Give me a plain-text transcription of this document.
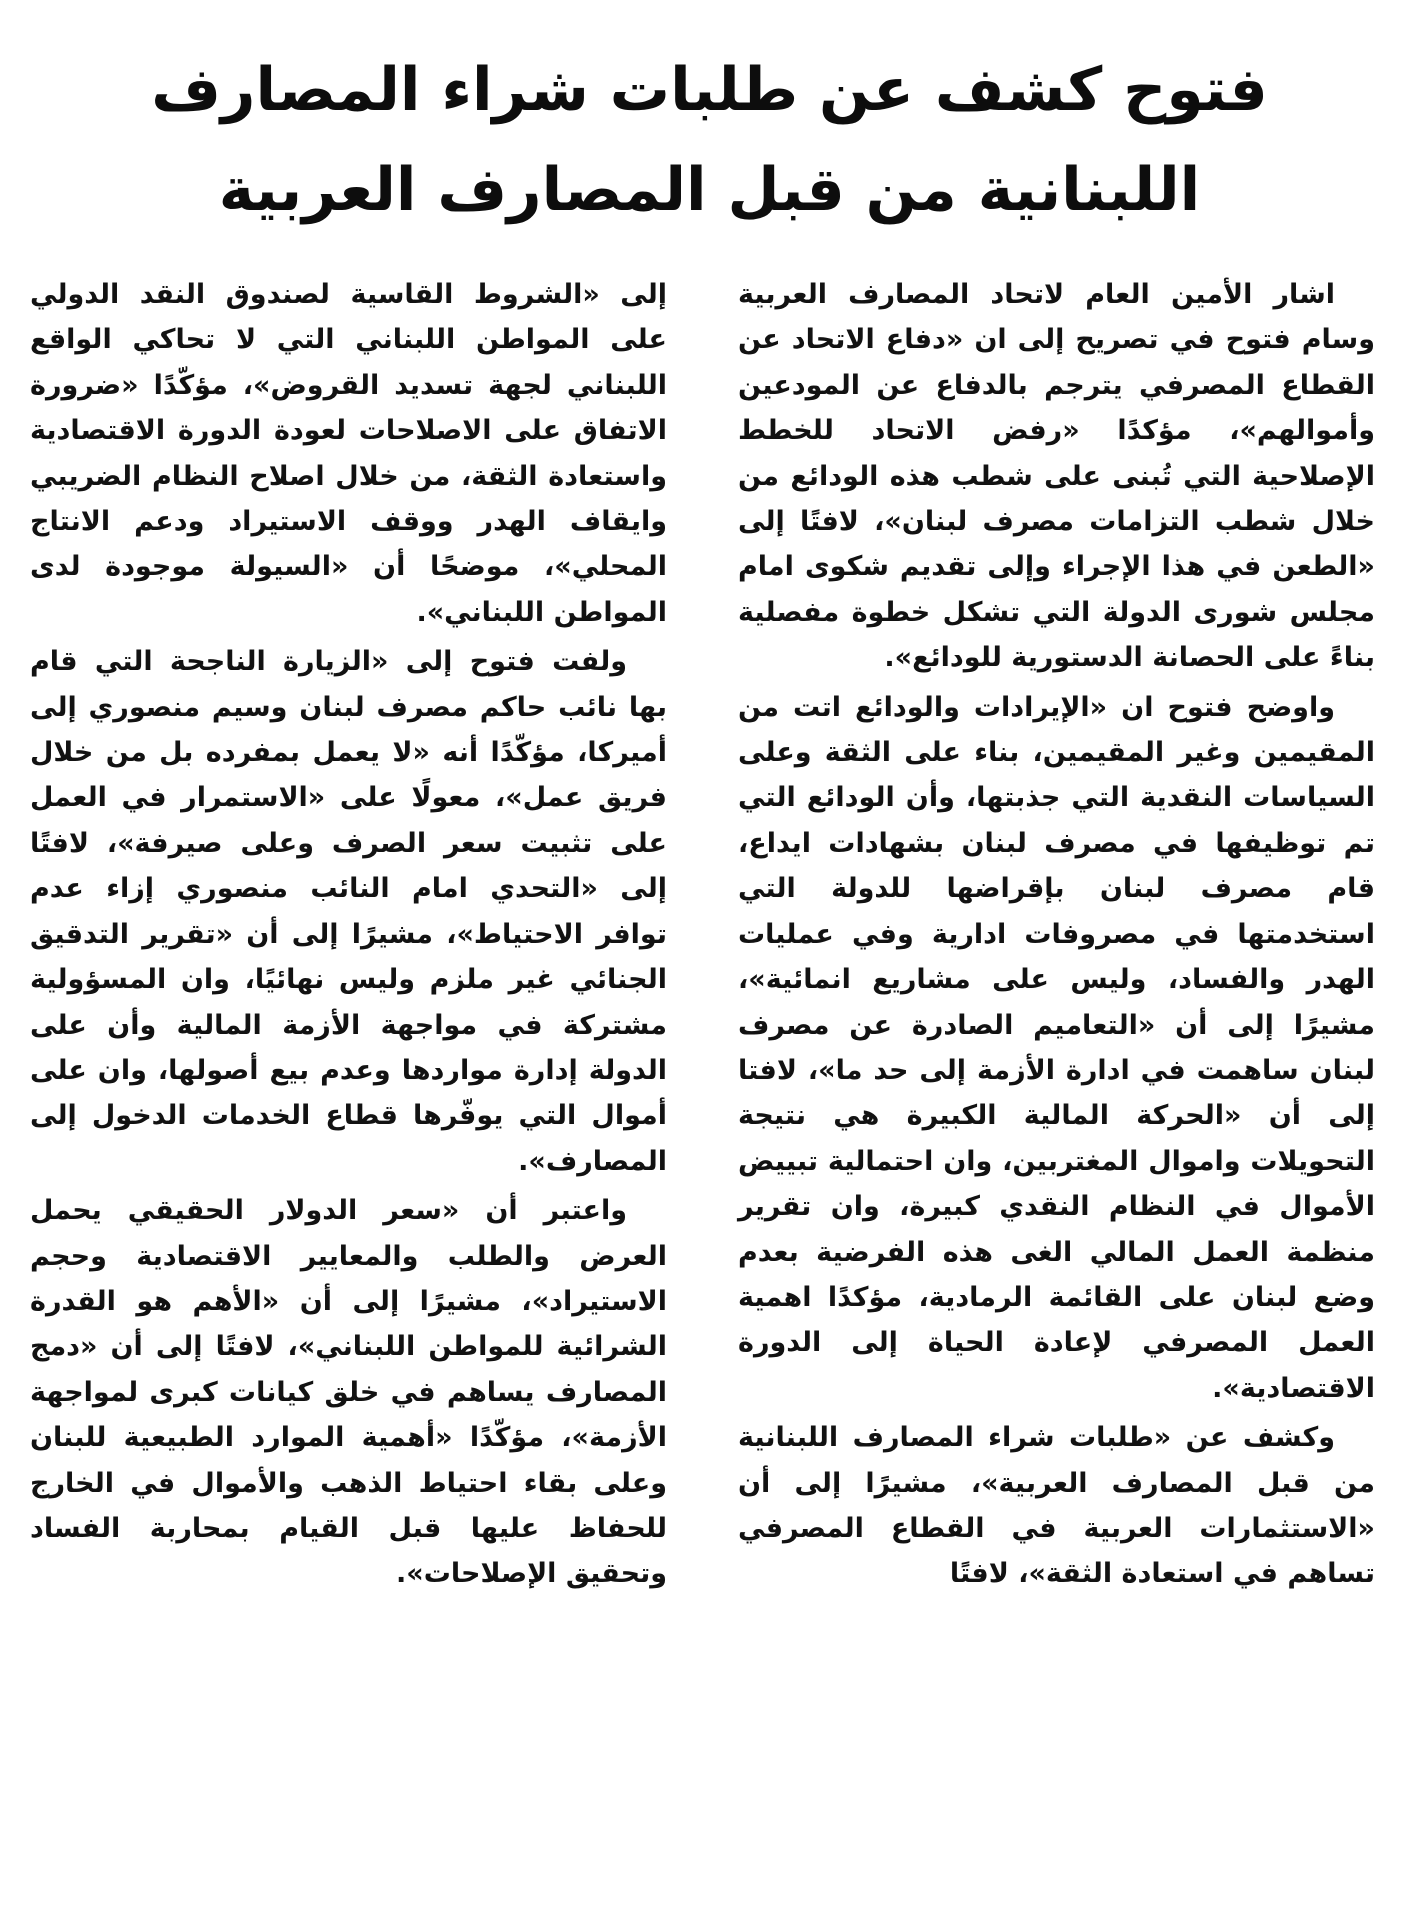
فتوح كشف عن طلبات شراء المصارف
اللبنانية من قبل المصارف العربية

اشار الأمين العام لاتحاد المصارف العربية وسام فتوح في تصريح إلى ان «دفاع الاتحاد عن القطاع المصرفي يترجم بالدفاع عن المودعين وأموالهم»، مؤكدًا «رفض الاتحاد للخطط الإصلاحية التي تُبنى على شطب هذه الودائع من خلال شطب التزامات مصرف لبنان»، لافتًا إلى «الطعن في هذا الإجراء وإلى تقديم شكوى امام مجلس شورى الدولة التي تشكل خطوة مفصلية بناءً على الحصانة الدستورية للودائع».

واوضح فتوح ان «الإيرادات والودائع اتت من المقيمين وغير المقيمين، بناء على الثقة وعلى السياسات النقدية التي جذبتها، وأن الودائع التي تم توظيفها في مصرف لبنان بشهادات ايداع، قام مصرف لبنان بإقراضها للدولة التي استخدمتها في مصروفات ادارية وفي عمليات الهدر والفساد، وليس على مشاريع انمائية»، مشيرًا إلى أن «التعاميم الصادرة عن مصرف لبنان ساهمت في ادارة الأزمة إلى حد ما»، لافتا إلى أن «الحركة المالية الكبيرة هي نتيجة التحويلات واموال المغتربين، وان احتمالية تبييض الأموال في النظام النقدي كبيرة، وان تقرير منظمة العمل المالي الغى هذه الفرضية بعدم وضع لبنان على القائمة الرمادية، مؤكدًا اهمية العمل المصرفي لإعادة الحياة إلى الدورة الاقتصادية».

وكشف عن «طلبات شراء المصارف اللبنانية من قبل المصارف العربية»، مشيرًا إلى أن «الاستثمارات العربية في القطاع المصرفي تساهم في استعادة الثقة»، لافتًا

إلى «الشروط القاسية لصندوق النقد الدولي على المواطن اللبناني التي لا تحاكي الواقع اللبناني لجهة تسديد القروض»، مؤكّدًا «ضرورة الاتفاق على الاصلاحات لعودة الدورة الاقتصادية واستعادة الثقة، من خلال اصلاح النظام الضريبي وايقاف الهدر ووقف الاستيراد ودعم الانتاج المحلي»، موضحًا أن «السيولة موجودة لدى المواطن اللبناني».

ولفت فتوح إلى «الزيارة الناجحة التي قام بها نائب حاكم مصرف لبنان وسيم منصوري إلى أميركا، مؤكّدًا أنه «لا يعمل بمفرده بل من خلال فريق عمل»، معولًا على «الاستمرار في العمل على تثبيت سعر الصرف وعلى صيرفة»، لافتًا إلى «التحدي امام النائب منصوري إزاء عدم توافر الاحتياط»، مشيرًا إلى أن «تقرير التدقيق الجنائي غير ملزم وليس نهائيًا، وان المسؤولية مشتركة في مواجهة الأزمة المالية وأن على الدولة إدارة مواردها وعدم بيع أصولها، وان على أموال التي يوفّرها قطاع الخدمات الدخول إلى المصارف».

واعتبر أن «سعر الدولار الحقيقي يحمل العرض والطلب والمعايير الاقتصادية وحجم الاستيراد»، مشيرًا إلى أن «الأهم هو القدرة الشرائية للمواطن اللبناني»، لافتًا إلى أن «دمج المصارف يساهم في خلق كيانات كبرى لمواجهة الأزمة»، مؤكّدًا «أهمية الموارد الطبيعية للبنان وعلى بقاء احتياط الذهب والأموال في الخارج للحفاظ عليها قبل القيام بمحاربة الفساد وتحقيق الإصلاحات».
